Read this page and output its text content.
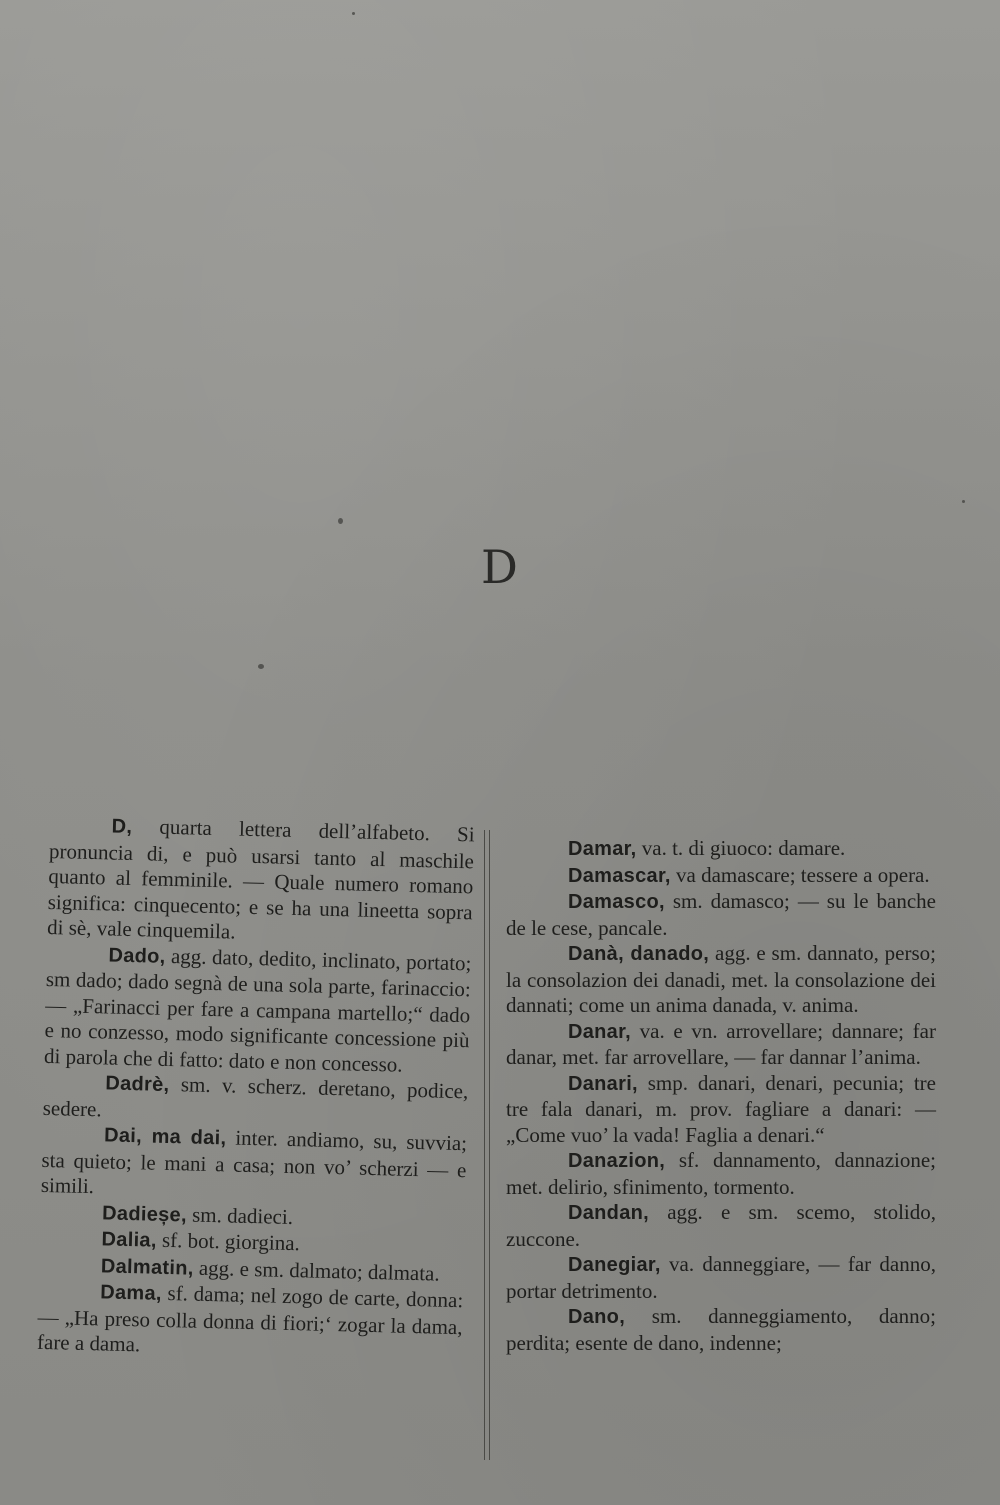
D

D, quarta lettera dell’alfabeto. Si pronuncia di, e può usarsi tanto al maschile quanto al femminile. — Quale numero romano significa: cinquecento; e se ha una lineetta sopra di sè, vale cinquemila.

Dado, agg. dato, dedito, inclinato, portato; sm dado; dado segnà de una sola parte, farinaccio: — „Farinacci per fare a campana martello;“ dado e no conzesso, modo significante concessione più di parola che di fatto: dato e non concesso.

Dadrè, sm. v. scherz. deretano, podice, sedere.

Dai, ma dai, inter. andiamo, su, suvvia; sta quieto; le mani a casa; non vo’ scherzi — e simili.

Dadieșe, sm. dadieci.

Dalia, sf. bot. giorgina.

Dalmatin, agg. e sm. dalmato; dalmata.

Dama, sf. dama; nel zogo de carte, donna: — „Ha preso colla donna di fiori;‘ zogar la dama, fare a dama.

Damar, va. t. di giuoco: damare.

Damascar, va damascare; tessere a opera.

Damasco, sm. damasco; — su le banche de le cese, pancale.

Danà, danado, agg. e sm. dannato, perso; la consolazion dei danadi, met. la consolazione dei dannati; come un anima danada, v. anima.

Danar, va. e vn. arrovellare; dannare; far danar, met. far arrovellare, — far dannar l’anima.

Danari, smp. danari, denari, pecunia; tre tre fala danari, m. prov. fagliare a danari: — „Come vuo’ la vada! Faglia a denari.“

Danazion, sf. dannamento, dannazione; met. delirio, sfinimento, tormento.

Dandan, agg. e sm. scemo, stolido, zuccone.

Danegiar, va. danneggiare, — far danno, portar detrimento.

Dano, sm. danneggiamento, danno; perdita; esente de dano, indenne;
